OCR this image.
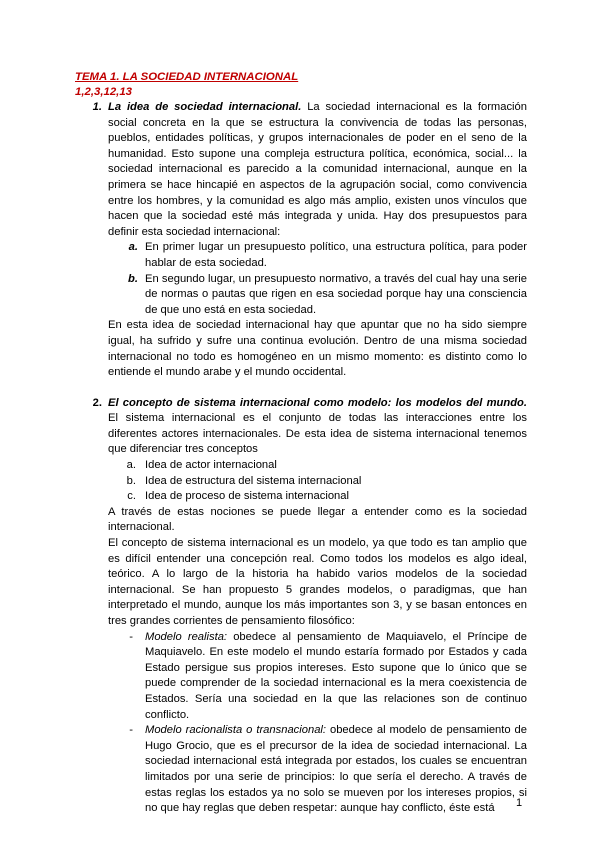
TEMA 1. LA SOCIEDAD INTERNACIONAL
1,2,3,12,13
1. La idea de sociedad internacional. La sociedad internacional es la formación social concreta en la que se estructura la convivencia de todas las personas, pueblos, entidades políticas, y grupos internacionales de poder en el seno de la humanidad. Esto supone una compleja estructura política, económica, social... la sociedad internacional es parecido a la comunidad internacional, aunque en la primera se hace hincapié en aspectos de la agrupación social, como convivencia entre los hombres, y la comunidad es algo más amplio, existen unos vínculos que hacen que la sociedad esté más integrada y unida. Hay dos presupuestos para definir esta sociedad internacional:
a. En primer lugar un presupuesto político, una estructura política, para poder hablar de esta sociedad.
b. En segundo lugar, un presupuesto normativo, a través del cual hay una serie de normas o pautas que rigen en esa sociedad porque hay una consciencia de que uno está en esta sociedad.
En esta idea de sociedad internacional hay que apuntar que no ha sido siempre igual, ha sufrido y sufre una continua evolución. Dentro de una misma sociedad internacional no todo es homogéneo en un mismo momento: es distinto como lo entiende el mundo arabe y el mundo occidental.
2. El concepto de sistema internacional como modelo: los modelos del mundo. El sistema internacional es el conjunto de todas las interacciones entre los diferentes actores internacionales. De esta idea de sistema internacional tenemos que diferenciar tres conceptos
a. Idea de actor internacional
b. Idea de estructura del sistema internacional
c. Idea de proceso de sistema internacional
A través de estas nociones se puede llegar a entender como es la sociedad internacional.
El concepto de sistema internacional es un modelo, ya que todo es tan amplio que es difícil entender una concepción real. Como todos los modelos es algo ideal, teórico. A lo largo de la historia ha habido varios modelos de la sociedad internacional. Se han propuesto 5 grandes modelos, o paradigmas, que han interpretado el mundo, aunque los más importantes son 3, y se basan entonces en tres grandes corrientes de pensamiento filosófico:
-	Modelo realista: obedece al pensamiento de Maquiavelo, el Príncipe de Maquiavelo. En este modelo el mundo estaría formado por Estados y cada Estado persigue sus propios intereses. Esto supone que lo único que se puede comprender de la sociedad internacional es la mera coexistencia de Estados. Sería una sociedad en la que las relaciones son de continuo conflicto.
-	Modelo racionalista o transnacional: obedece al modelo de pensamiento de Hugo Grocio, que es el precursor de la idea de sociedad internacional. La sociedad internacional está integrada por estados, los cuales se encuentran limitados por una serie de principios: lo que sería el derecho. A través de estas reglas los estados ya no solo se mueven por los intereses propios, si no que hay reglas que deben respetar: aunque hay conflicto, éste está	1
